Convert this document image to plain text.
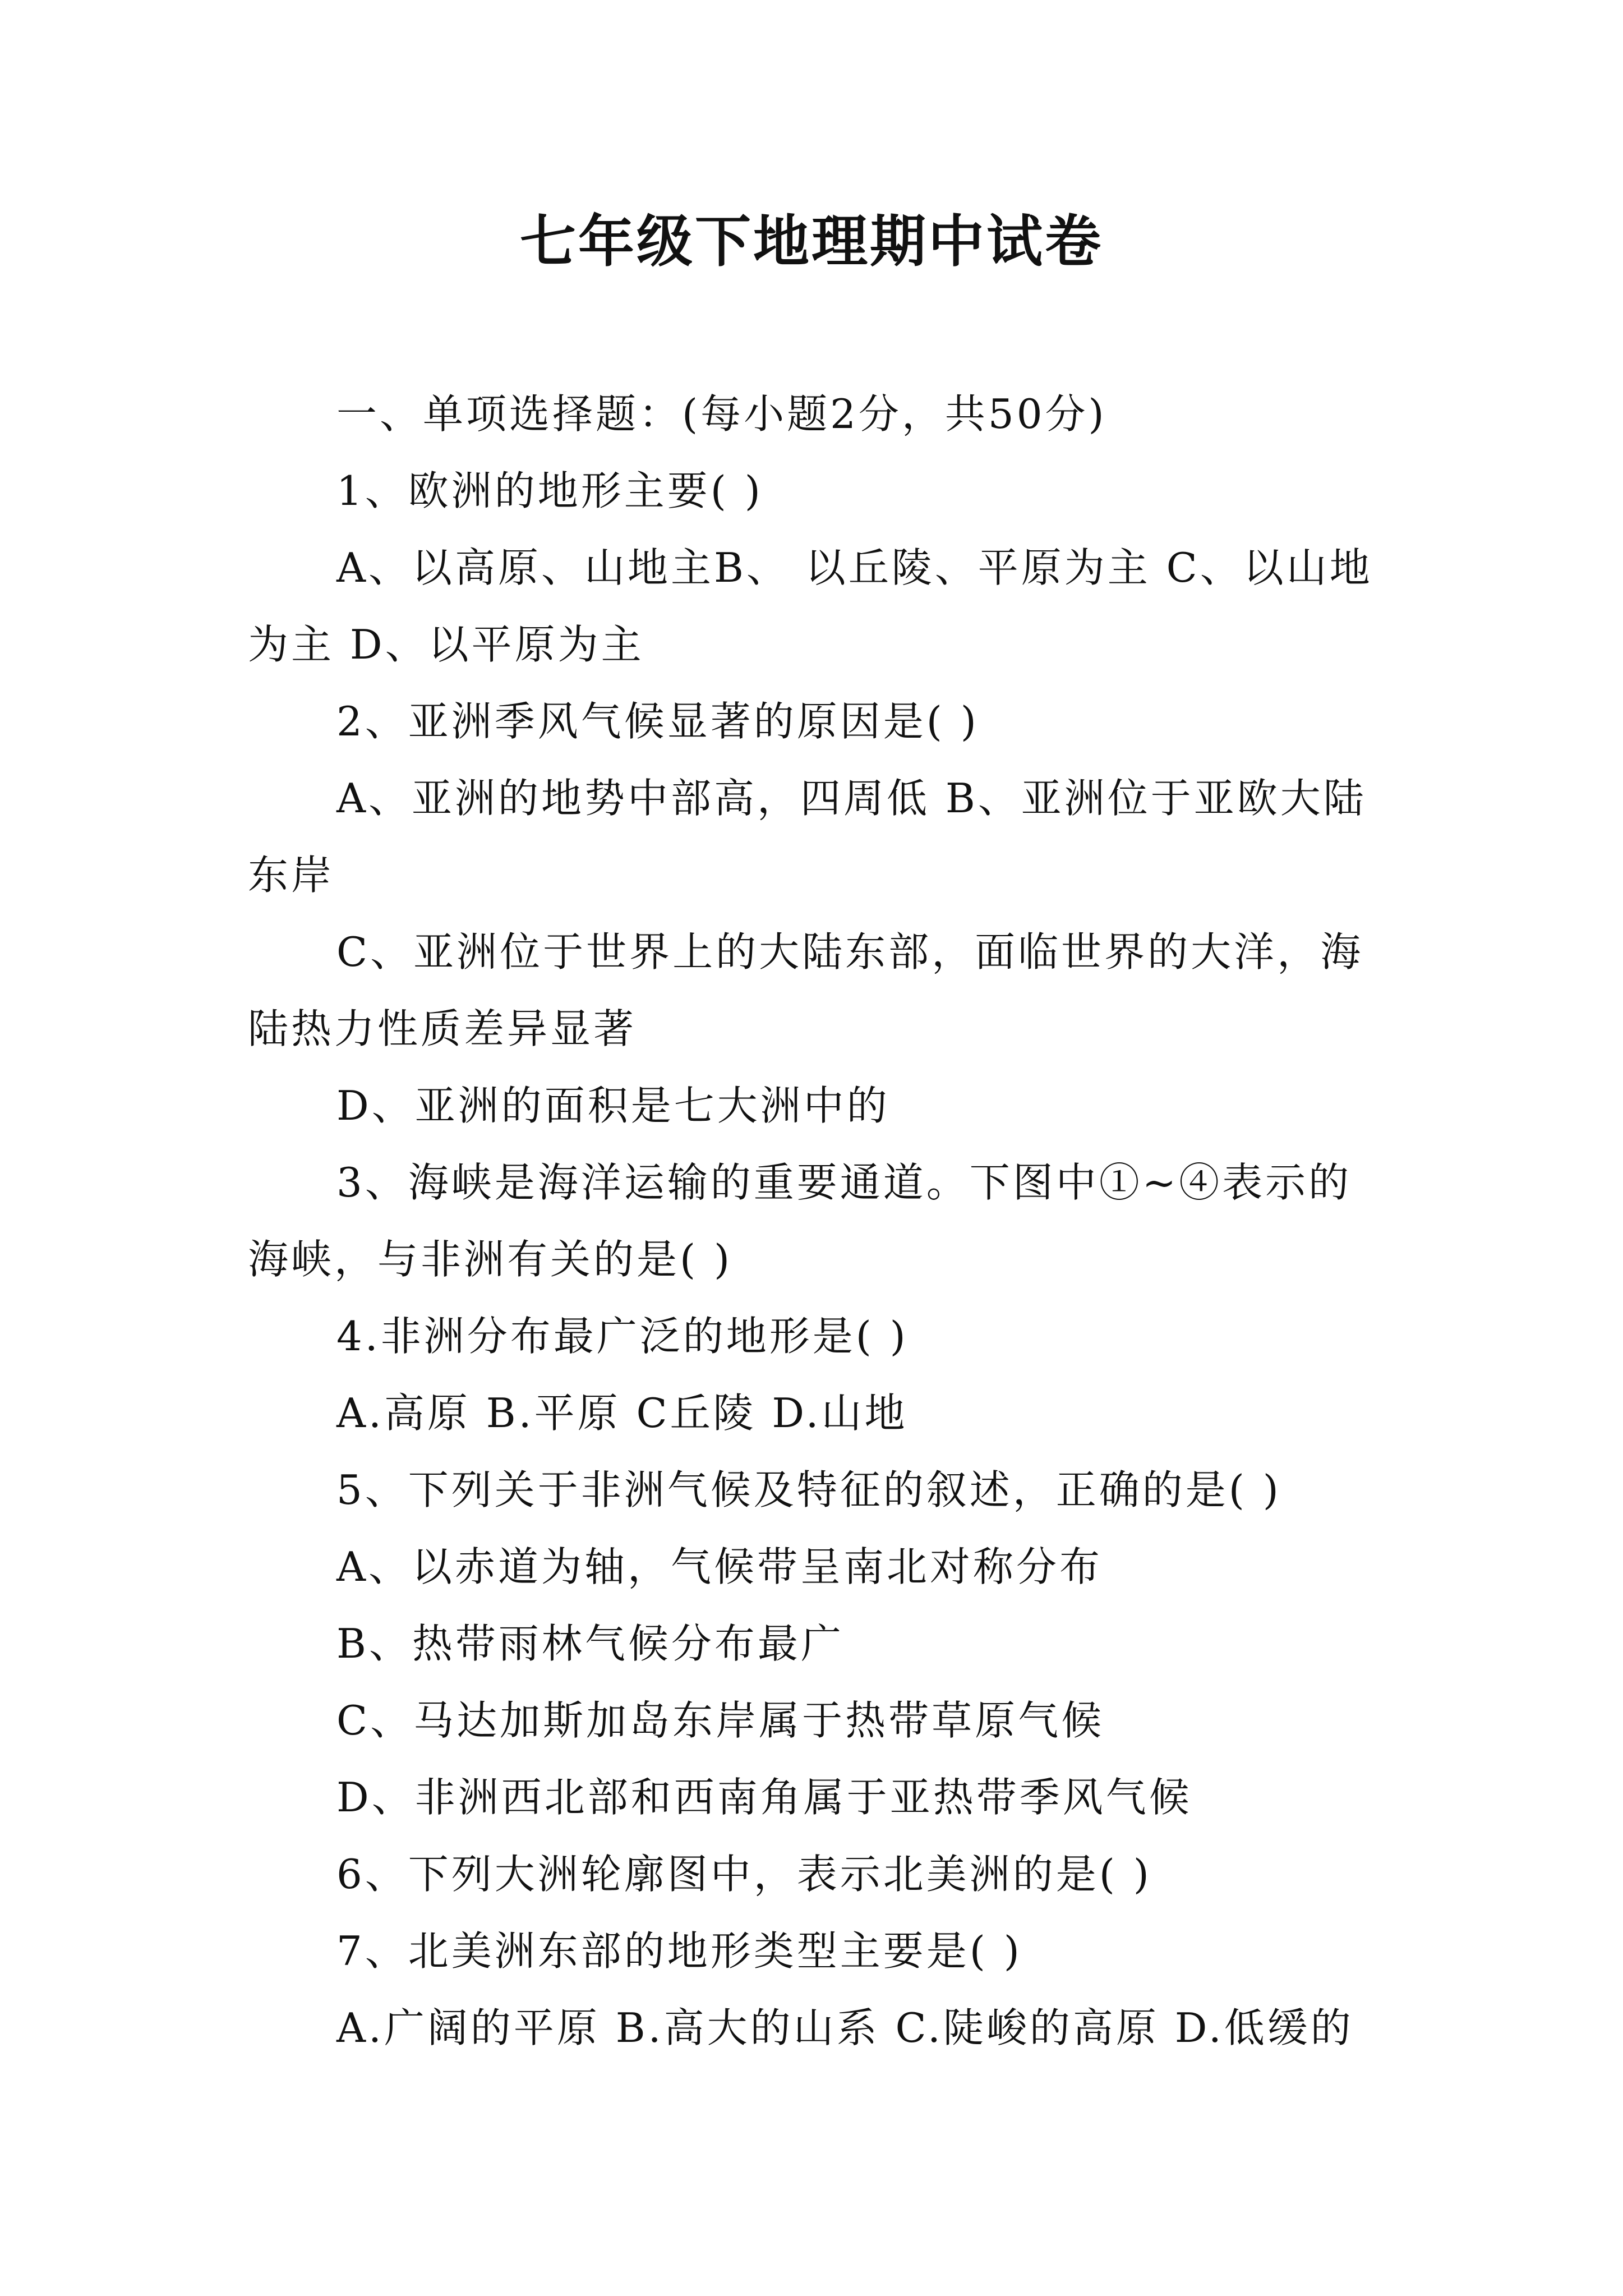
七年级下地理期中试卷

一、单项选择题：(每小题2分，共50分)

1、欧洲的地形主要( )

A、以高原、山地主B、 以丘陵、平原为主 C、以山地为主 D、以平原为主

2、亚洲季风气候显著的原因是( )

A、亚洲的地势中部高，四周低 B、亚洲位于亚欧大陆东岸

C、亚洲位于世界上的大陆东部，面临世界的大洋，海陆热力性质差异显著

D、亚洲的面积是七大洲中的

3、海峡是海洋运输的重要通道。下图中①~④表示的海峡，与非洲有关的是( )

4.非洲分布最广泛的地形是( )

A.高原 B.平原 C丘陵 D.山地

5、下列关于非洲气候及特征的叙述，正确的是( )

A、以赤道为轴，气候带呈南北对称分布

B、热带雨林气候分布最广

C、马达加斯加岛东岸属于热带草原气候

D、非洲西北部和西南角属于亚热带季风气候

6、下列大洲轮廓图中，表示北美洲的是( )

7、北美洲东部的地形类型主要是( )

A.广阔的平原 B.高大的山系 C.陡峻的高原 D.低缓的
